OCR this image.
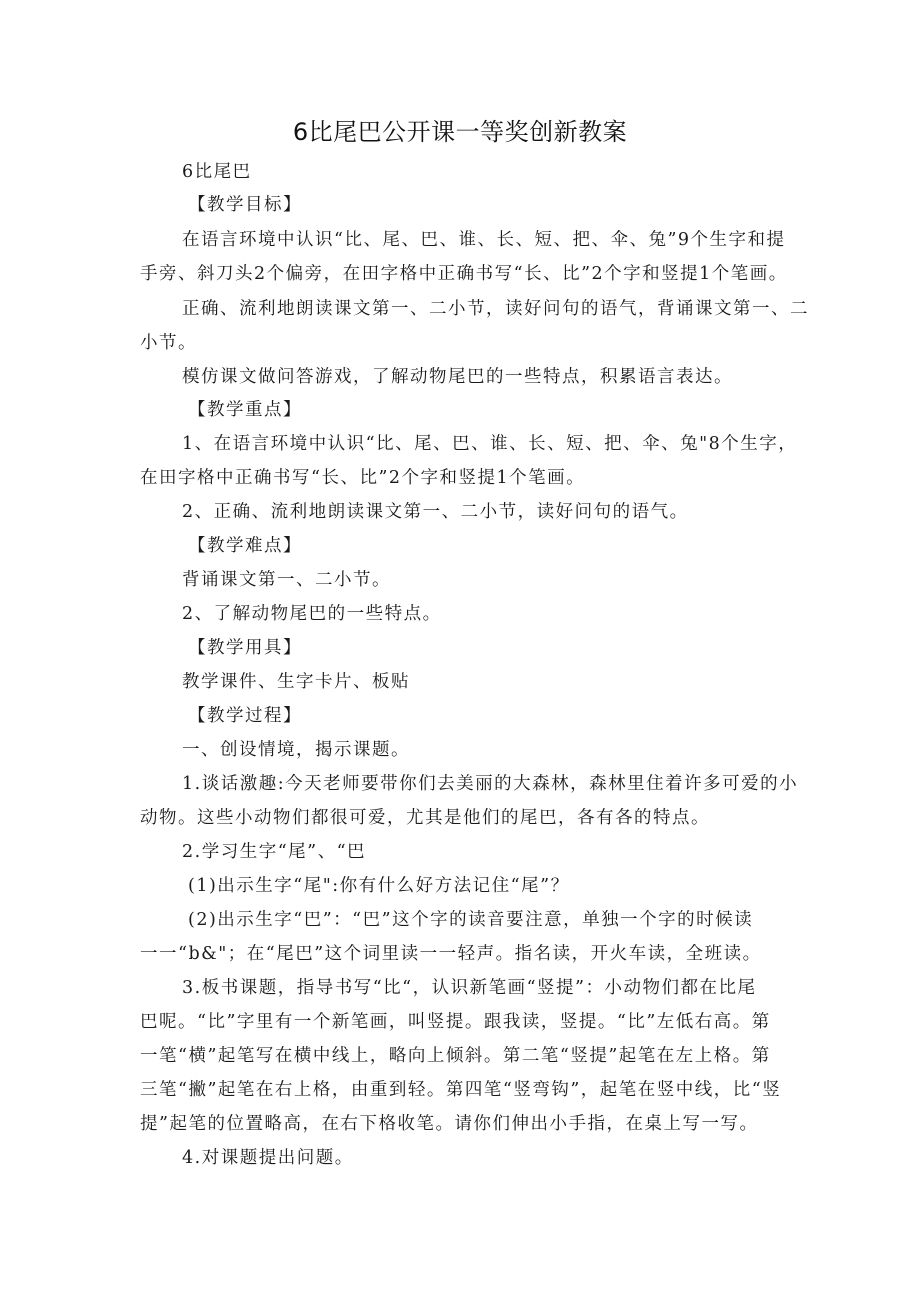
6比尾巴公开课一等奖创新教案
6比尾巴
【教学目标】
在语言环境中认识“比、尾、巴、谁、长、短、把、伞、兔”9个生字和提
手旁、斜刀头2个偏旁，在田字格中正确书写“长、比”2个字和竖提1个笔画。
正确、流利地朗读课文第一、二小节，读好问句的语气，背诵课文第一、二
小节。
模仿课文做问答游戏，了解动物尾巴的一些特点，积累语言表达。
【教学重点】
1、在语言环境中认识“比、尾、巴、谁、长、短、把、伞、兔"8个生字，
在田字格中正确书写“长、比”2个字和竖提1个笔画。
2、正确、流利地朗读课文第一、二小节，读好问句的语气。
【教学难点】
背诵课文第一、二小节。
2、了解动物尾巴的一些特点。
【教学用具】
教学课件、生字卡片、板贴
【教学过程】
一、创设情境，揭示课题。
1.谈话激趣:今天老师要带你们去美丽的大森林，森林里住着许多可爱的小
动物。这些小动物们都很可爱，尤其是他们的尾巴，各有各的特点。
2.学习生字“尾”、“巴
(1)出示生字“尾":你有什么好方法记住“尾”？
(2)出示生字“巴”：“巴”这个字的读音要注意，单独一个字的时候读
一一“b&"；在“尾巴”这个词里读一一轻声。指名读，开火车读，全班读。
3.板书课题，指导书写“比“，认识新笔画“竖提”：小动物们都在比尾
巴呢。“比”字里有一个新笔画，叫竖提。跟我读，竖提。“比”左低右高。第
一笔“横”起笔写在横中线上，略向上倾斜。第二笔“竖提”起笔在左上格。第
三笔“撇”起笔在右上格，由重到轻。第四笔“竖弯钩”，起笔在竖中线，比“竖
提”起笔的位置略高，在右下格收笔。请你们伸出小手指，在桌上写一写。
4.对课题提出问题。
